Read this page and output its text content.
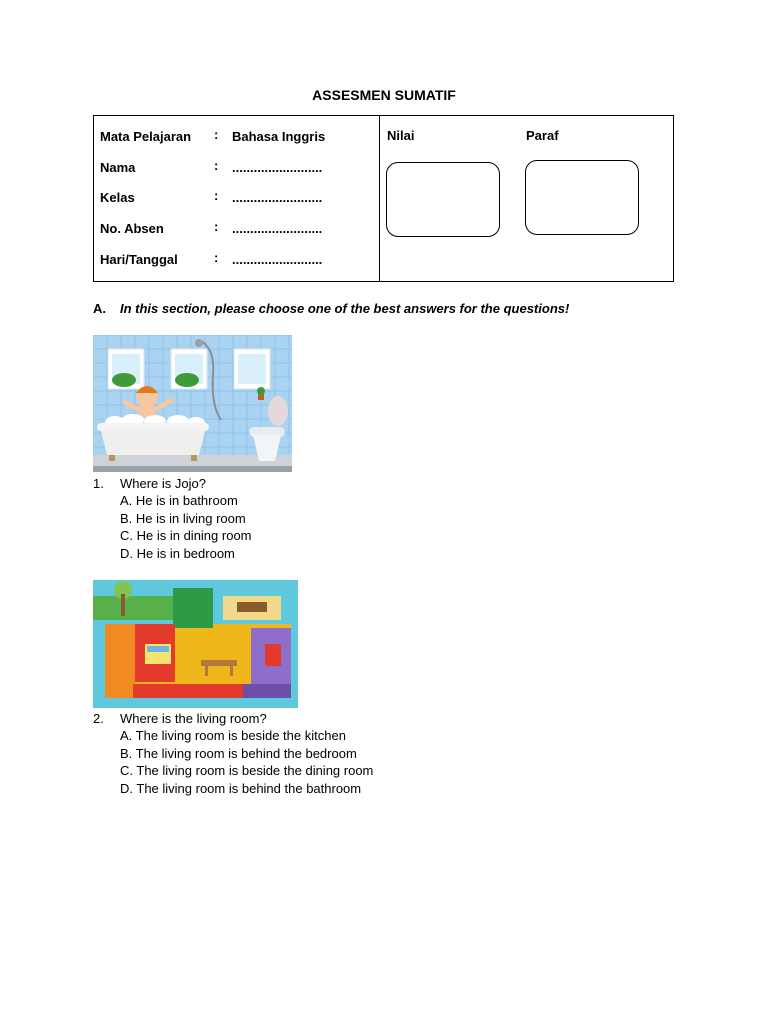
ASSESMEN SUMATIF
Mata Pelajaran : Bahasa Inggris
Nama	: .........................
Kelas	: .........................
No. Absen	: .........................
Hari/Tanggal	: .........................
Nilai	Paraf
A. In this section, please choose one of the best answers for the questions!
1. Where is Jojo?
A. He is in bathroom
B. He is in living room
C. He is in dining room
D. He is in bedroom
2. Where is the living room?
A. The living room is beside the kitchen
B. The living room is behind the bedroom
C. The living room is beside the dining room
D. The living room is behind the bathroom
